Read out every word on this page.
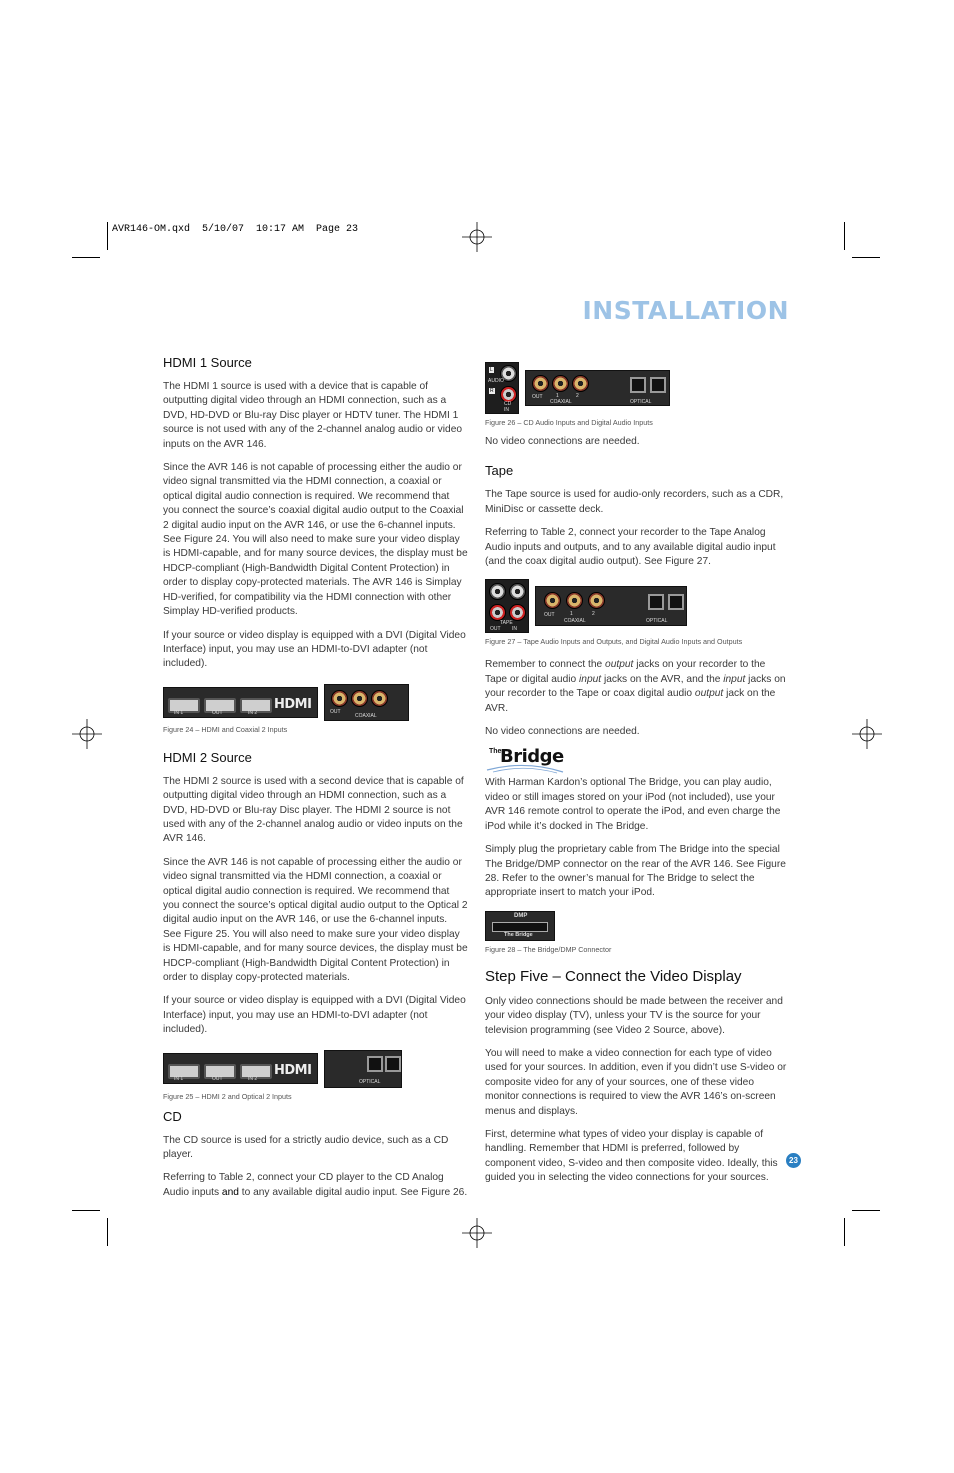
AVR146-OM.qxd  5/10/07  10:17 AM  Page 23
INSTALLATION
HDMI 1 Source

The HDMI 1 source is used with a device that is capable of outputting digital video through an HDMI connection, such as a DVD, HD-DVD or Blu-ray Disc player or HDTV tuner. The HDMI 1 source is not used with any of the 2-channel analog audio or video inputs on the AVR 146.

Since the AVR 146 is not capable of processing either the audio or video signal transmitted via the HDMI connection, a coaxial or optical digital audio connection is required. We recommend that you connect the source’s coaxial digital audio output to the Coaxial 2 digital audio input on the AVR 146, or use the 6-channel inputs. See Figure 24. You will also need to make sure your video display is HDMI-capable, and for many source devices, the display must be HDCP-compliant (High-Bandwidth Digital Content Protection) in order to display copy-protected materials. The AVR 146 is Simplay HD-verified, for compatibility via the HDMI connection with other Simplay HD-verified products.

If your source or video display is equipped with a DVI (Digital Video Interface) input, you may use an HDMI-to-DVI adapter (not included).

IN 1	OUT	IN 2
HDMI	OUT
COAXIAL
Figure 24 – HDMI and Coaxial 2 Inputs
HDMI 2 Source

The HDMI 2 source is used with a second device that is capable of outputting digital video through an HDMI connection, such as a DVD, HD-DVD or Blu-ray Disc player. The HDMI 2 source is not used with any of the 2-channel analog audio or video inputs on the AVR 146.

Since the AVR 146 is not capable of processing either the audio or video signal transmitted via the HDMI connection, a coaxial or optical digital audio connection is required. We recommend that you connect the source’s optical digital audio output to the Optical 2 digital audio input on the AVR 146, or use the 6-channel inputs. See Figure 25. You will also need to make sure your video display is HDMI-capable, and for many source devices, the display must be HDCP-compliant (High-Bandwidth Digital Content Protection) in order to display copy-protected materials.

If your source or video display is equipped with a DVI (Digital Video Interface) input, you may use an HDMI-to-DVI adapter (not included).

IN 1	OUT	IN 2
HDMI
OPTICAL
Figure 25 – HDMI 2 and Optical 2 Inputs
CD

The CD source is used for a strictly audio device, such as a CD player.

Referring to Table 2, connect your CD player to the CD Analog Audio inputs and to any available digital audio input. See Figure 26.

L
AUDIO
R
CD
IN
OUT	1	2
COAXIAL	OPTICAL
Figure 26 – CD Audio Inputs and Digital Audio Inputs

No video connections are needed.

Tape

The Tape source is used for audio-only recorders, such as a CDR, MiniDisc or cassette deck.

Referring to Table 2, connect your recorder to the Tape Analog Audio inputs and outputs, and to any available digital audio input (and the coax digital audio output). See Figure 27.

TAPE
OUT IN
OUT	1	2
COAXIAL	OPTICAL
Figure 27 – Tape Audio Inputs and Outputs, and Digital Audio Inputs and Outputs

Remember to connect the output jacks on your recorder to the Tape or digital audio input jacks on the AVR, and the input jacks on your recorder to the Tape or coax digital audio output jack on the AVR.

No video connections are needed.

The
Bridge

With Harman Kardon’s optional The Bridge, you can play audio, video or still images stored on your iPod (not included), use your AVR 146 remote control to operate the iPod, and even charge the iPod while it’s docked in The Bridge.

Simply plug the proprietary cable from The Bridge into the special The Bridge/DMP connector on the rear of the AVR 146. See Figure 28. Refer to the owner’s manual for The Bridge to select the appropriate insert to match your iPod.

DMP
The Bridge
Figure 28 – The Bridge/DMP Connector
Step Five – Connect the Video Display

Only video connections should be made between the receiver and your video display (TV), unless your TV is the source for your television programming (see Video 2 Source, above).

You will need to make a video connection for each type of video used for your sources. In addition, even if you didn’t use S-video or composite video for any of your sources, one of these video monitor connections is required to view the AVR 146’s on-screen menus and displays.

First, determine what types of video your display is capable of handling. Remember that HDMI is preferred, followed by component video, S-video and then composite video. Ideally, this guided you in selecting the video connections for your sources.

23
